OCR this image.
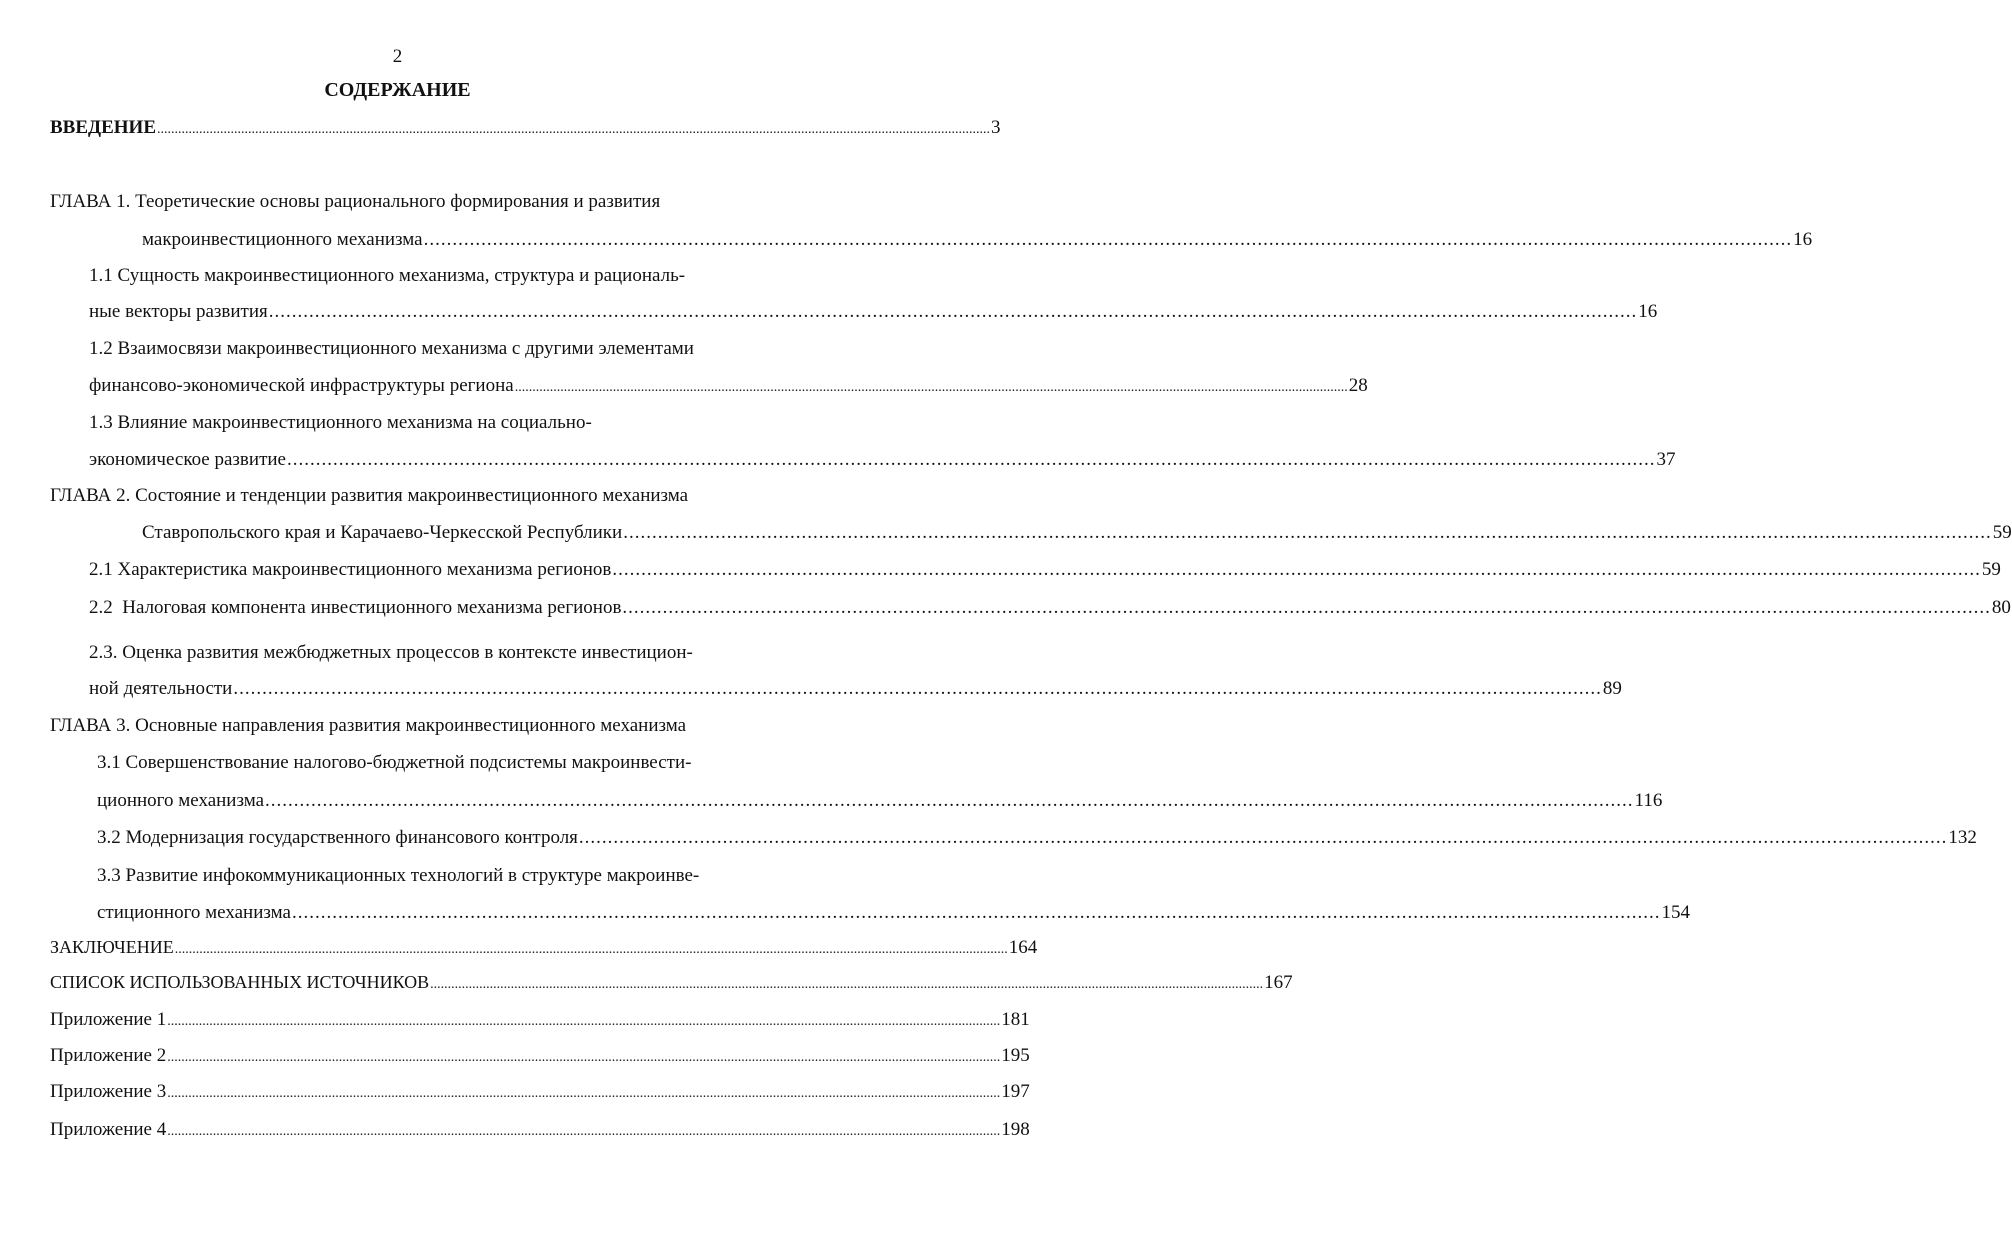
2
СОДЕРЖАНИЕ
ВВЕДЕНИЕ .............................................................................................................................................................................................................................................. 3
ГЛАВА 1. Теоретические основы рационального формирования и развития
макроинвестиционного механизма .............................................................................................................................................................................................................................................. 16
1.1 Сущность макроинвестиционного механизма, структура и рациональ-
ные векторы развития .............................................................................................................................................................................................................................................. 16
1.2 Взаимосвязи макроинвестиционного механизма с другими элементами
финансово-экономической инфраструктуры региона .............................................................................................................................................................................................................................................. 28
1.3 Влияние макроинвестиционного механизма на социально-
экономическое развитие .............................................................................................................................................................................................................................................. 37
ГЛАВА 2. Состояние и тенденции развития макроинвестиционного механизма
Ставропольского края и Карачаево-Черкесской Республики .............................................................................................................................................................................................................................................. 59
2.1 Характеристика макроинвестиционного механизма регионов .............................................................................................................................................................................................................................................. 59
2.2  Налоговая компонента инвестиционного механизма регионов .............................................................................................................................................................................................................................................. 80
2.3. Оценка развития межбюджетных процессов в контексте инвестицион-
ной деятельности .............................................................................................................................................................................................................................................. 89
ГЛАВА 3. Основные направления развития макроинвестиционного механизма
3.1 Совершенствование налогово-бюджетной подсистемы макроинвести-
ционного механизма .............................................................................................................................................................................................................................................. 116
3.2 Модернизация государственного финансового контроля .............................................................................................................................................................................................................................................. 132
3.3 Развитие инфокоммуникационных технологий в структуре макроинве-
стиционного механизма .............................................................................................................................................................................................................................................. 154
ЗАКЛЮЧЕНИЕ .............................................................................................................................................................................................................................................. 164
СПИСОК ИСПОЛЬЗОВАННЫХ ИСТОЧНИКОВ .............................................................................................................................................................................................................................................. 167
Приложение 1 .............................................................................................................................................................................................................................................. 181
Приложение 2 .............................................................................................................................................................................................................................................. 195
Приложение 3 .............................................................................................................................................................................................................................................. 197
Приложение 4 .............................................................................................................................................................................................................................................. 198
